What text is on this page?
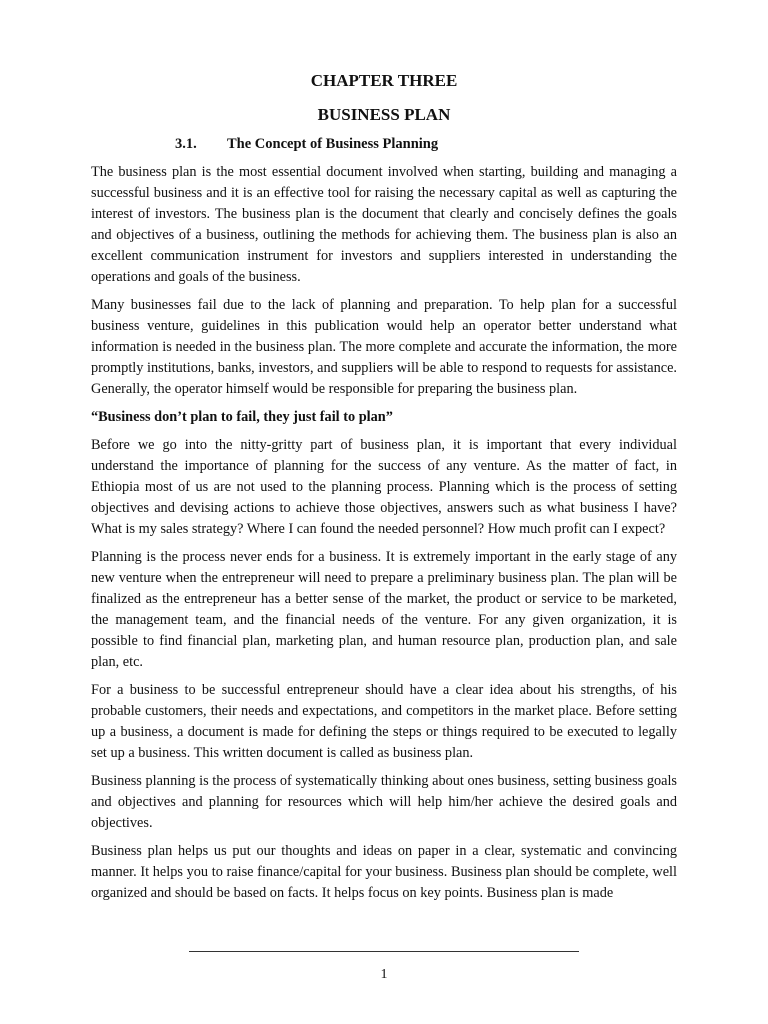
CHAPTER THREE
BUSINESS PLAN
3.1. The Concept of Business Planning

The business plan is the most essential document involved when starting, building and managing a successful business and it is an effective tool for raising the necessary capital as well as capturing the interest of investors. The business plan is the document that clearly and concisely defines the goals and objectives of a business, outlining the methods for achieving them. The business plan is also an excellent communication instrument for investors and suppliers interested in understanding the operations and goals of the business.

Many businesses fail due to the lack of planning and preparation. To help plan for a successful business venture, guidelines in this publication would help an operator better understand what information is needed in the business plan. The more complete and accurate the information, the more promptly institutions, banks, investors, and suppliers will be able to respond to requests for assistance. Generally, the operator himself would be responsible for preparing the business plan.

“Business don’t plan to fail, they just fail to plan”

Before we go into the nitty-gritty part of business plan, it is important that every individual understand the importance of planning for the success of any venture. As the matter of fact, in Ethiopia most of us are not used to the planning process. Planning which is the process of setting objectives and devising actions to achieve those objectives, answers such as what business I have? What is my sales strategy? Where I can found the needed personnel? How much profit can I expect?

Planning is the process never ends for a business. It is extremely important in the early stage of any new venture when the entrepreneur will need to prepare a preliminary business plan. The plan will be finalized as the entrepreneur has a better sense of the market, the product or service to be marketed, the management team, and the financial needs of the venture. For any given organization, it is possible to find financial plan, marketing plan, and human resource plan, production plan, and sale plan, etc.

For a business to be successful entrepreneur should have a clear idea about his strengths, of his probable customers, their needs and expectations, and competitors in the market place. Before setting up a business, a document is made for defining the steps or things required to be executed to legally set up a business. This written document is called as business plan.

Business planning is the process of systematically thinking about ones business, setting business goals and objectives and planning for resources which will help him/her achieve the desired goals and objectives.

Business plan helps us put our thoughts and ideas on paper in a clear, systematic and convincing manner. It helps you to raise finance/capital for your business. Business plan should be complete, well organized and should be based on facts. It helps focus on key points. Business plan is made

1
